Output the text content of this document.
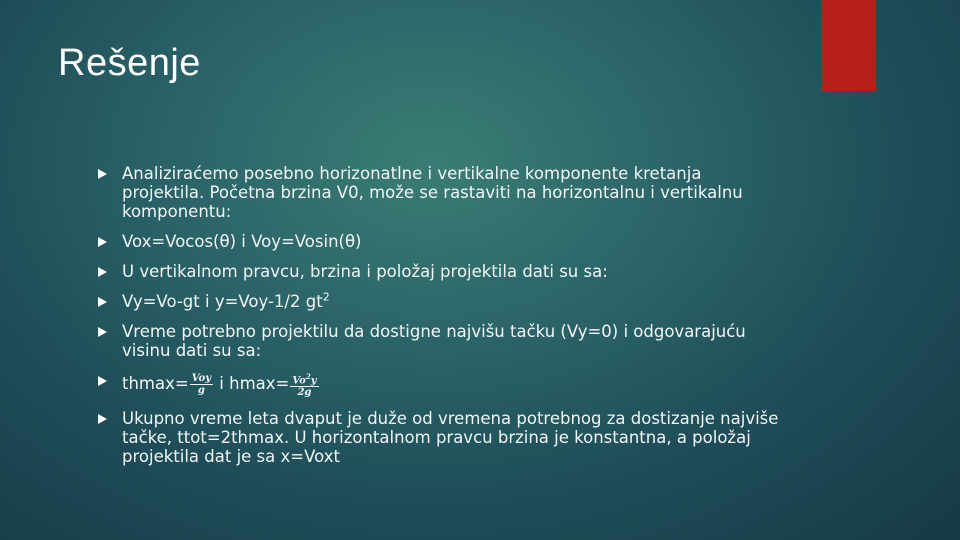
Rešenje
Analiziraćemo posebno horizonatlne i vertikalne komponente kretanja projektila. Početna brzina V0, može se rastaviti na horizontalnu i vertikalnu komponentu:
Vox=Vocos(θ) i Voy=Vosin(θ)
U vertikalnom pravcu, brzina i položaj projektila dati su sa:
Vy=Vo-gt i y=Voy-1/2 $gt^2$
Vreme potrebno projektilu da dostigne najvišu tačku (Vy=0) i odgovarajuću visinu dati su sa:
$thmax= \frac{\text{Voy}}{g}$ i $hmax= \frac{Vo^2y}{2g}$
Ukupno vreme leta dvaput je duže od vremena potrebnog za dostizanje najviše tačke, ttot=2thmax. U horizontalnom pravcu brzina je konstantna, a položaj projektila dat je sa x=Voxt
